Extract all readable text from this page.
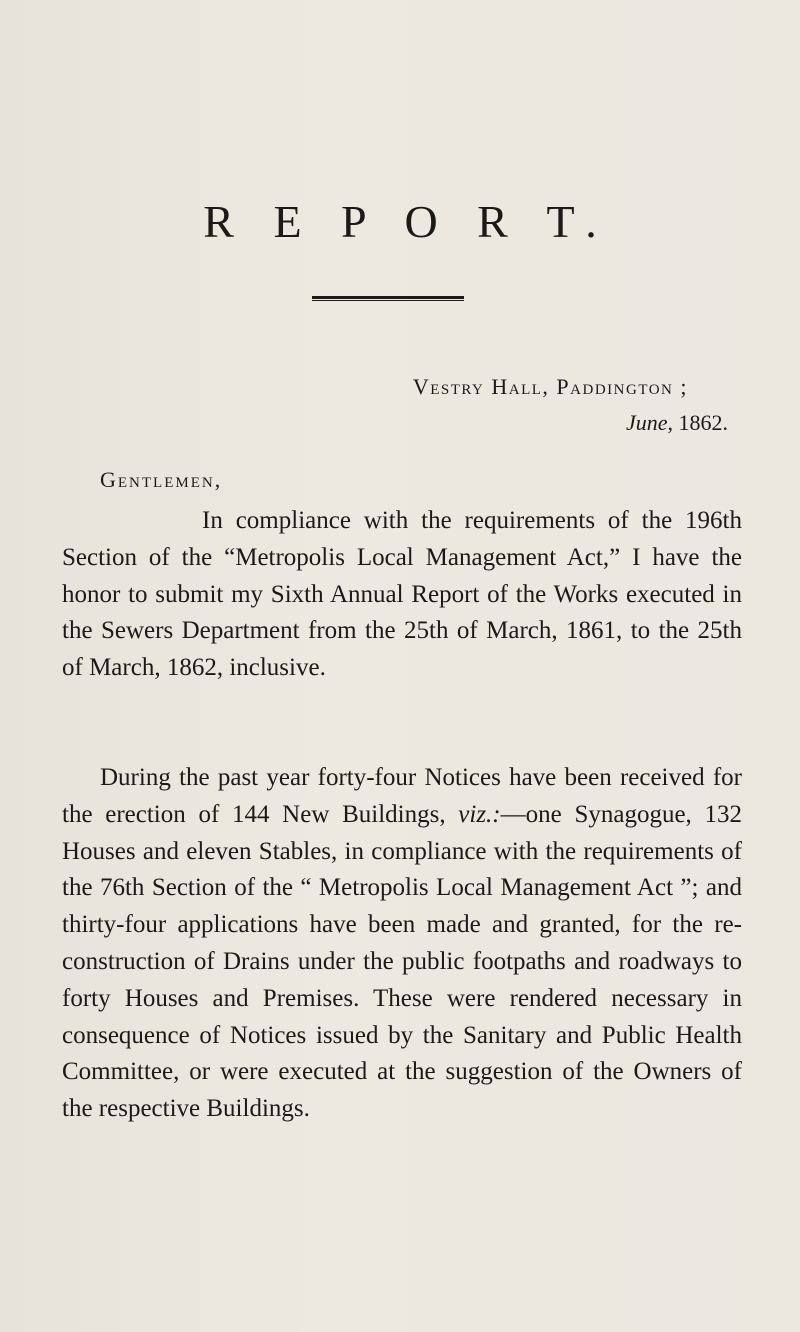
R E P O R T.
Vestry Hall, Paddington ;
June, 1862.
Gentlemen,

In compliance with the requirements of the 196th Section of the “Metropolis Local Management Act,” I have the honor to submit my Sixth Annual Report of the Works executed in the Sewers Department from the 25th of March, 1861, to the 25th of March, 1862, inclusive.

During the past year forty-four Notices have been received for the erection of 144 New Buildings, viz.:—one Synagogue, 132 Houses and eleven Stables, in compliance with the requirements of the 76th Section of the “ Metropolis Local Management Act ”; and thirty-four applications have been made and granted, for the re-construction of Drains under the public footpaths and roadways to forty Houses and Premises. These were rendered necessary in consequence of Notices issued by the Sanitary and Public Health Committee, or were executed at the suggestion of the Owners of the respective Buildings.
